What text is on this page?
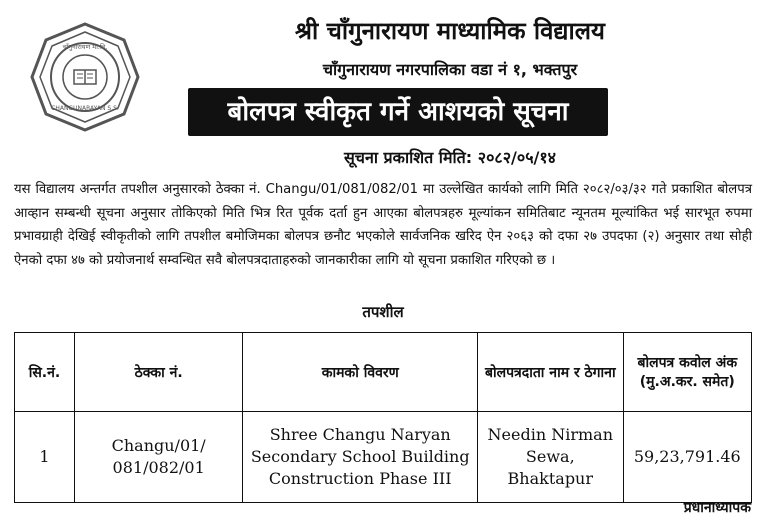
चाँगुनारायण मा.वि.
CHANGUNARAYAN S.S.
श्री चाँगुनारायण माध्यामिक विद्यालय
चाँगुनारायण नगरपालिका वडा नं १, भक्तपुर
बोलपत्र स्वीकृत गर्ने आशयको सूचना
सूचना प्रकाशित मिति: २०८२/०५/१४
यस विद्यालय अन्तर्गत तपशील अनुसारको ठेक्का नं. Changu/01/081/082/01 मा उल्लेखित कार्यको लागि मिति २०८२/०३/३२ गते प्रकाशित बोलपत्र आव्हान सम्बन्धी सूचना अनुसार तोकिएको मिति भित्र रित पूर्वक दर्ता हुन आएका बोलपत्रहरु मूल्यांकन समितिबाट न्यूनतम मूल्यांकित भई सारभूत रुपमा प्रभावग्राही देखिई स्वीकृतीको लागि तपशील बमोजिमका बोलपत्र छनौट भएकोले सार्वजनिक खरिद ऐन २०६३ को दफा २७ उपदफा (२) अनुसार तथा सोही ऐनको दफा ४७ को प्रयोजनार्थ सम्वन्धित सवै बोलपत्रदाताहरुको जानकारीका लागि यो सूचना प्रकाशित गरिएको छ ।
तपशील
सि.नं.	ठेक्का नं.	कामको विवरण	बोलपत्रदाता नाम र ठेगाना	बोलपत्र कवोल अंक (मु.अ.कर. समेत)
1	Changu/01/ 081/082/01	Shree Changu Naryan Secondary School Building Construction Phase III	Needin Nirman Sewa, Bhaktapur	59,23,791.46
प्रधानाध्यापक
